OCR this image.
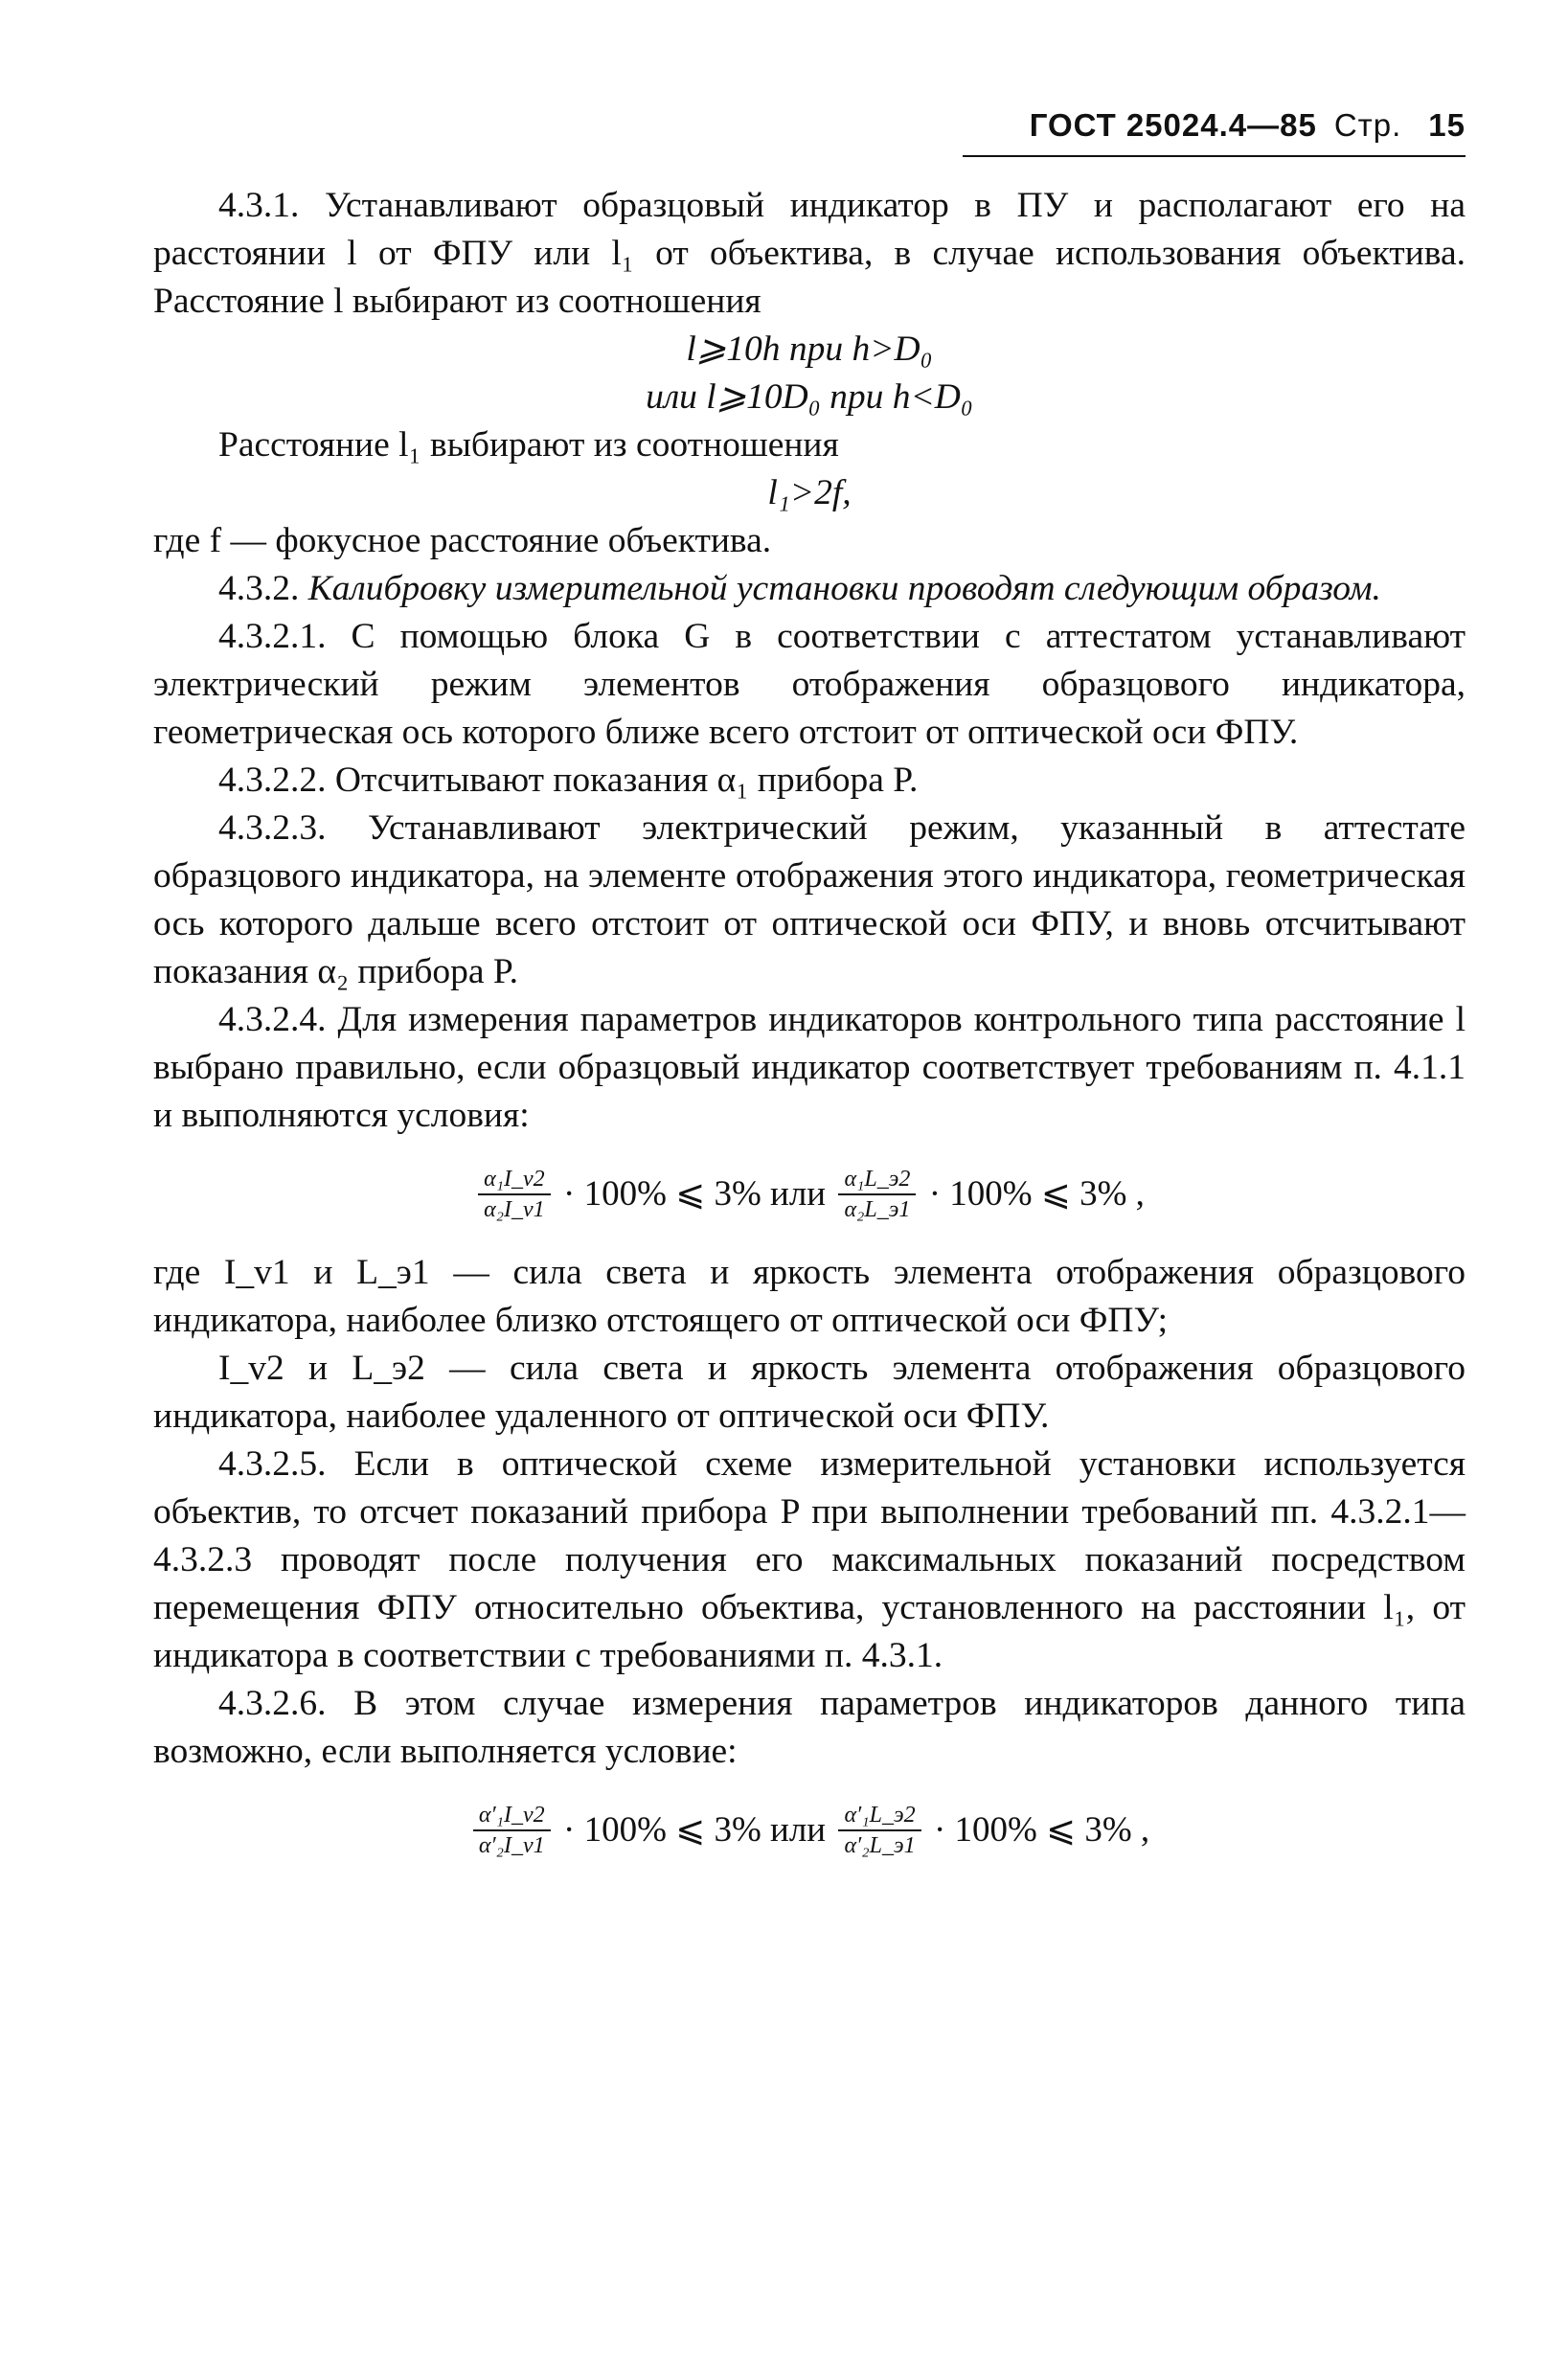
ГОСТ 25024.4—85 Стр. 15

4.3.1. Устанавливают образцовый индикатор в ПУ и располагают его на расстоянии l от ФПУ или l₁ от объектива, в случае использования объектива. Расстояние l выбирают из соотношения

l⩾10h при h>D₀

или l⩾10D₀ при h<D₀

Расстояние l₁ выбирают из соотношения

l₁>2f,

где f — фокусное расстояние объектива.

4.3.2. Калибровку измерительной установки проводят следующим образом.

4.3.2.1. С помощью блока G в соответствии с аттестатом устанавливают электрический режим элементов отображения образцового индикатора, геометрическая ось которого ближе всего отстоит от оптической оси ФПУ.

4.3.2.2. Отсчитывают показания α₁ прибора P.

4.3.2.3. Устанавливают электрический режим, указанный в аттестате образцового индикатора, на элементе отображения этого индикатора, геометрическая ось которого дальше всего отстоит от оптической оси ФПУ, и вновь отсчитывают показания α₂ прибора P.

4.3.2.4. Для измерения параметров индикаторов контрольного типа расстояние l выбрано правильно, если образцовый индикатор соответствует требованиям п. 4.1.1 и выполняются условия:

$\frac{\text{α₁I\_v2}}{\text{α₂I\_v1}} \cdot 100\%$ ⩽ 3% или $\frac{\text{α₁L\_э2}}{\text{α₂L\_э1}} \cdot 100\%$ ⩽ 3% ,

где I_v1 и L_э1 — сила света и яркость элемента отображения образцового индикатора, наиболее близко отстоящего от оптической оси ФПУ;

I_v2 и L_э2 — сила света и яркость элемента отображения образцового индикатора, наиболее удаленного от оптической оси ФПУ.

4.3.2.5. Если в оптической схеме измерительной установки используется объектив, то отсчет показаний прибора P при выполнении требований пп. 4.3.2.1—4.3.2.3 проводят после получения его максимальных показаний посредством перемещения ФПУ относительно объектива, установленного на расстоянии l₁, от индикатора в соответствии с требованиями п. 4.3.1.

4.3.2.6. В этом случае измерения параметров индикаторов данного типа возможно, если выполняется условие:

$\frac{\text{α′₁I\_v2}}{\text{α′₂I\_v1}} \cdot 100\%$ ⩽ 3% или $\frac{\text{α′₁L\_э2}}{\text{α′₂L\_э1}} \cdot 100\%$ ⩽ 3% ,
